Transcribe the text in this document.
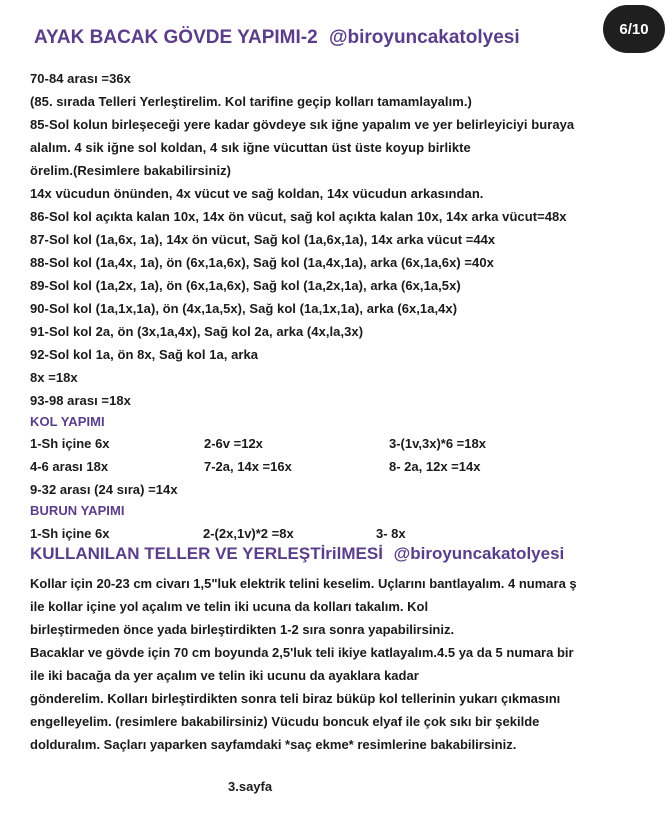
AYAK BACAK GÖVDE YAPIMI-2 @biroyuncakatolyesi	6/10
70-84 arası =36x
(85. sırada Telleri Yerleştirelim. Kol tarifine geçip kolları tamamlayalım.)
85-Sol kolun birleşeceği yere kadar gövdeye sık iğne yapalım ve yer belirleyiciyi buraya
alalım. 4 sik iğne sol koldan, 4 sık iğne vücuttan üst üste koyup birlikte
örelim.(Resimlere bakabilirsiniz)
14x vücudun önünden, 4x vücut ve sağ koldan, 14x vücudun arkasından.
86-Sol kol açıkta kalan 10x, 14x ön vücut, sağ kol açıkta kalan 10x, 14x arka vücut=48x
87-Sol kol (1a,6x, 1a), 14x ön vücut, Sağ kol (1a,6x,1a), 14x arka vücut =44x
88-Sol kol (1a,4x, 1a), ön (6x,1a,6x), Sağ kol (1a,4x,1a), arka (6x,1a,6x) =40x
89-Sol kol (1a,2x, 1a), ön (6x,1a,6x), Sağ kol (1a,2x,1a), arka (6x,1a,5x)
90-Sol kol (1a,1x,1a), ön (4x,1a,5x), Sağ kol (1a,1x,1a), arka (6x,1a,4x)
91-Sol kol 2a, ön (3x,1a,4x), Sağ kol 2a, arka (4x,la,3x)
92-Sol kol 1a, ön 8x, Sağ kol 1a, arka
8x =18x
93-98 arası =18x
KOL YAPIMI
1-Sh içine 6x	2-6v =12x	3-(1v,3x)*6 =18x
4-6 arası 18x	7-2a, 14x =16x	8- 2a, 12x =14x
9-32 arası (24 sıra) =14x
BURUN YAPIMI
1-Sh içine 6x	2-(2x,1v)*2 =8x	3- 8x
KULLANILAN TELLER VE YERLEŞTİrilMESİ @biroyuncakatolyesi
Kollar için 20-23 cm civarı 1,5"luk elektrik telini keselim. Uçlarını bantlayalım. 4 numara ş
ile kollar içine yol açalım ve telin iki ucuna da kolları takalım. Kol
birleştirmeden önce yada birleştirdikten 1-2 sıra sonra yapabilirsiniz.
Bacaklar ve gövde için 70 cm boyunda 2,5'luk teli ikiye katlayalım.4.5 ya da 5 numara bir
ile iki bacağa da yer açalım ve telin iki ucunu da ayaklara kadar
gönderelim. Kolları birleştirdikten sonra teli biraz büküp kol tellerinin yukarı çıkmasını
engelleyelim. (resimlere bakabilirsiniz) Vücudu boncuk elyaf ile çok sıkı bir şekilde
dolduralım. Saçları yaparken sayfamdaki *saç ekme* resimlerine bakabilirsiniz.
3.sayfa
